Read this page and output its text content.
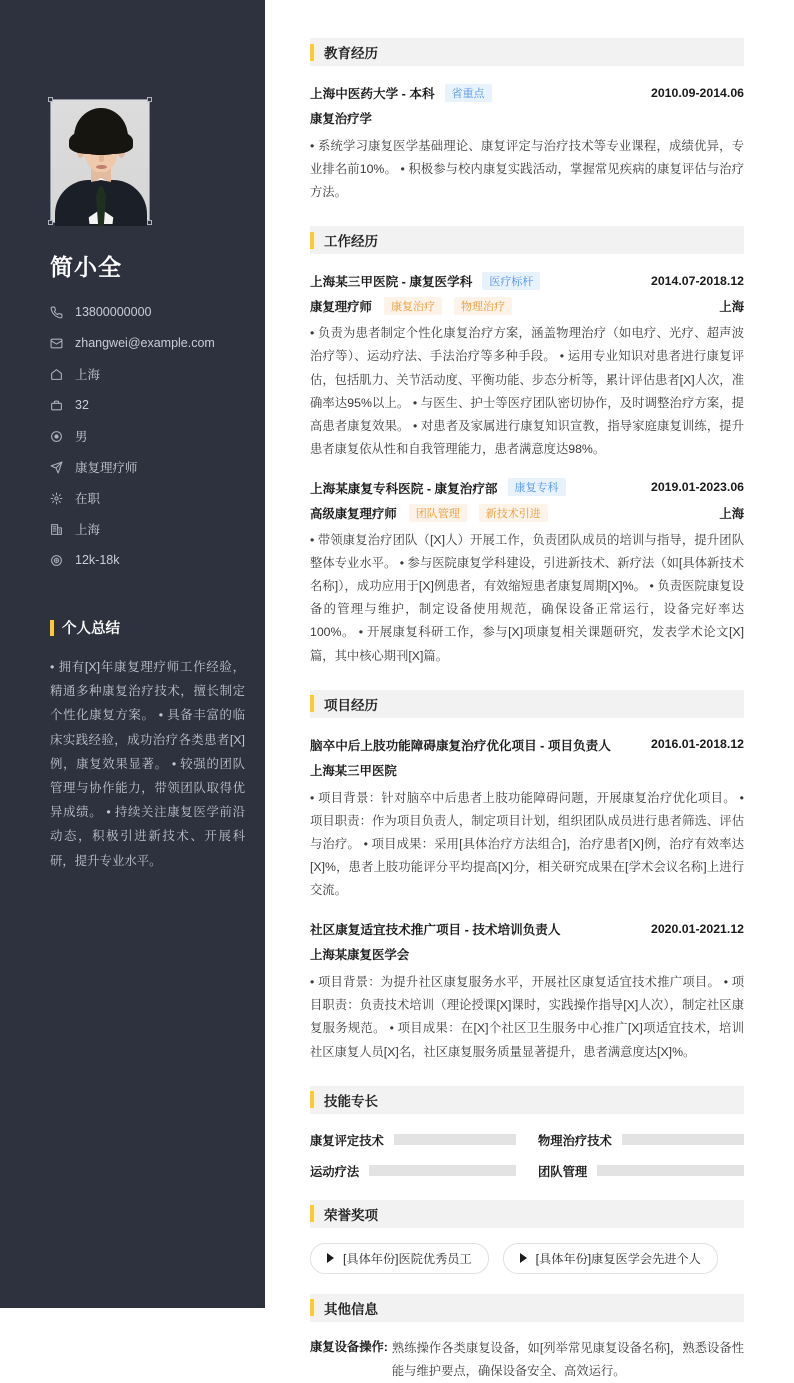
简小全
13800000000
zhangwei@example.com
上海
32
男
康复理疗师
在职
上海
12k-18k
个人总结
• 拥有[X]年康复理疗师工作经验，精通多种康复治疗技术，擅长制定个性化康复方案。 • 具备丰富的临床实践经验，成功治疗各类患者[X]例，康复效果显著。 • 较强的团队管理与协作能力，带领团队取得优异成绩。 • 持续关注康复医学前沿动态，积极引进新技术、开展科研，提升专业水平。
教育经历
上海中医药大学 - 本科	省重点	2010.09-2014.06
康复治疗学
• 系统学习康复医学基础理论、康复评定与治疗技术等专业课程，成绩优异，专业排名前10%。 • 积极参与校内康复实践活动，掌握常见疾病的康复评估与治疗方法。
工作经历
上海某三甲医院 - 康复医学科	医疗标杆	2014.07-2018.12
康复理疗师	康复治疗	物理治疗	上海
• 负责为患者制定个性化康复治疗方案，涵盖物理治疗（如电疗、光疗、超声波治疗等）、运动疗法、手法治疗等多种手段。 • 运用专业知识对患者进行康复评估，包括肌力、关节活动度、平衡功能、步态分析等，累计评估患者[X]人次，准确率达95%以上。 • 与医生、护士等医疗团队密切协作，及时调整治疗方案，提高患者康复效果。 • 对患者及家属进行康复知识宣教，指导家庭康复训练，提升患者康复依从性和自我管理能力，患者满意度达98%。
上海某康复专科医院 - 康复治疗部	康复专科	2019.01-2023.06
高级康复理疗师	团队管理	新技术引进	上海
• 带领康复治疗团队（[X]人）开展工作，负责团队成员的培训与指导，提升团队整体专业水平。 • 参与医院康复学科建设，引进新技术、新疗法（如[具体新技术名称]），成功应用于[X]例患者，有效缩短患者康复周期[X]%。 • 负责医院康复设备的管理与维护，制定设备使用规范，确保设备正常运行，设备完好率达100%。 • 开展康复科研工作，参与[X]项康复相关课题研究，发表学术论文[X]篇，其中核心期刊[X]篇。
项目经历
脑卒中后上肢功能障碍康复治疗优化项目 - 项目负责人	2016.01-2018.12
上海某三甲医院
• 项目背景：针对脑卒中后患者上肢功能障碍问题，开展康复治疗优化项目。 • 项目职责：作为项目负责人，制定项目计划，组织团队成员进行患者筛选、评估与治疗。 • 项目成果：采用[具体治疗方法组合]，治疗患者[X]例，治疗有效率达[X]%，患者上肢功能评分平均提高[X]分，相关研究成果在[学术会议名称]上进行交流。
社区康复适宜技术推广项目 - 技术培训负责人	2020.01-2021.12
上海某康复医学会
• 项目背景：为提升社区康复服务水平，开展社区康复适宜技术推广项目。 • 项目职责：负责技术培训（理论授课[X]课时，实践操作指导[X]人次），制定社区康复服务规范。 • 项目成果：在[X]个社区卫生服务中心推广[X]项适宜技术，培训社区康复人员[X]名，社区康复服务质量显著提升，患者满意度达[X]%。
技能专长
康复评定技术	物理治疗技术
运动疗法	团队管理
荣誉奖项
[具体年份]医院优秀员工	[具体年份]康复医学会先进个人
其他信息
康复设备操作: 熟练操作各类康复设备，如[列举常见康复设备名称]，熟悉设备性能与维护要点，确保设备安全、高效运行。
